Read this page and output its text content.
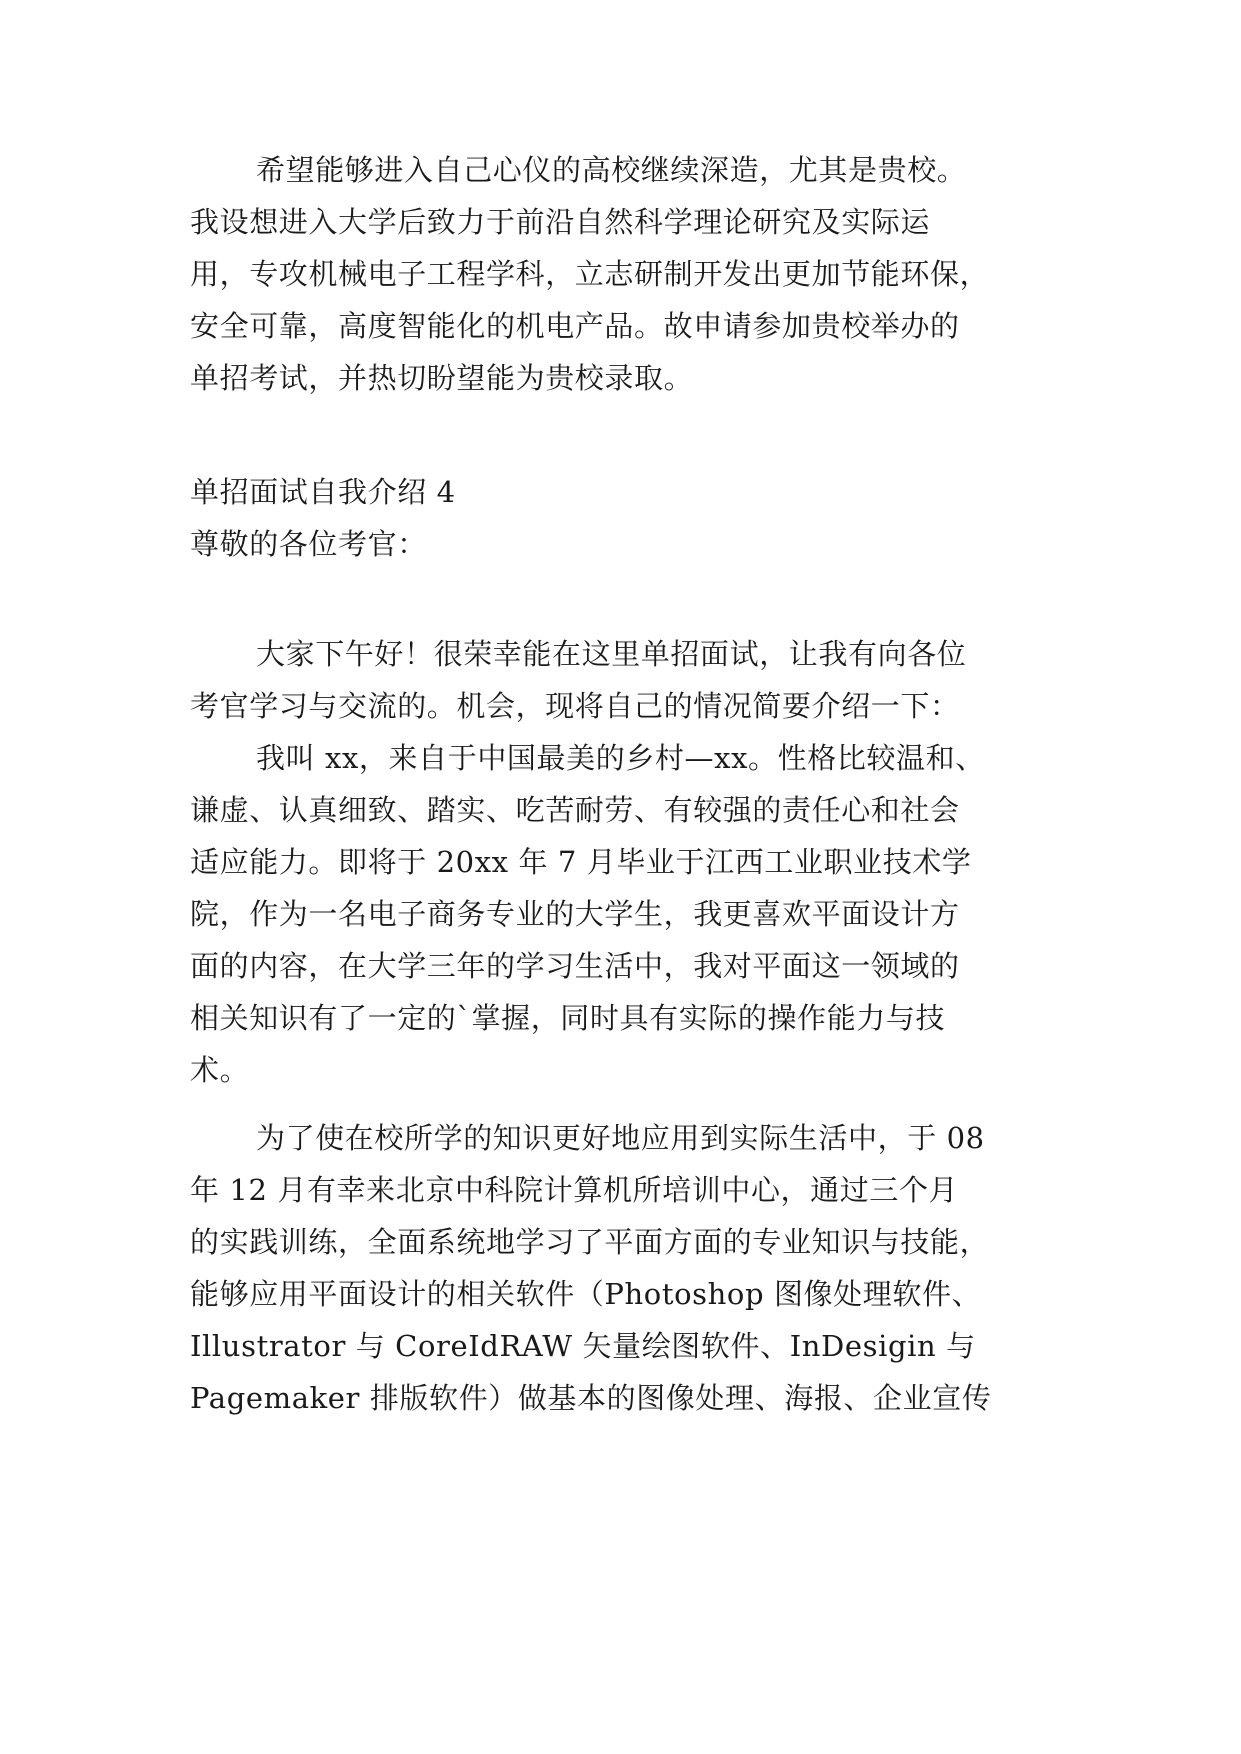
希望能够进入自己心仪的高校继续深造，尤其是贵校。
我设想进入大学后致力于前沿自然科学理论研究及实际运
用，专攻机械电子工程学科，立志研制开发出更加节能环保，
安全可靠，高度智能化的机电产品。故申请参加贵校举办的
单招考试，并热切盼望能为贵校录取。
单招面试自我介绍 4
尊敬的各位考官：
大家下午好！很荣幸能在这里单招面试，让我有向各位
考官学习与交流的。机会，现将自己的情况简要介绍一下：
我叫 xx，来自于中国最美的乡村—xx。性格比较温和、
谦虚、认真细致、踏实、吃苦耐劳、有较强的责任心和社会
适应能力。即将于 20xx 年 7 月毕业于江西工业职业技术学
院，作为一名电子商务专业的大学生，我更喜欢平面设计方
面的内容，在大学三年的学习生活中，我对平面这一领域的
相关知识有了一定的`掌握，同时具有实际的操作能力与技
术。
为了使在校所学的知识更好地应用到实际生活中，于 08
年 12 月有幸来北京中科院计算机所培训中心，通过三个月
的实践训练，全面系统地学习了平面方面的专业知识与技能，
能够应用平面设计的相关软件（Photoshop 图像处理软件、
Illustrator 与 CoreIdRAW 矢量绘图软件、InDesigin 与
Pagemaker 排版软件）做基本的图像处理、海报、企业宣传
